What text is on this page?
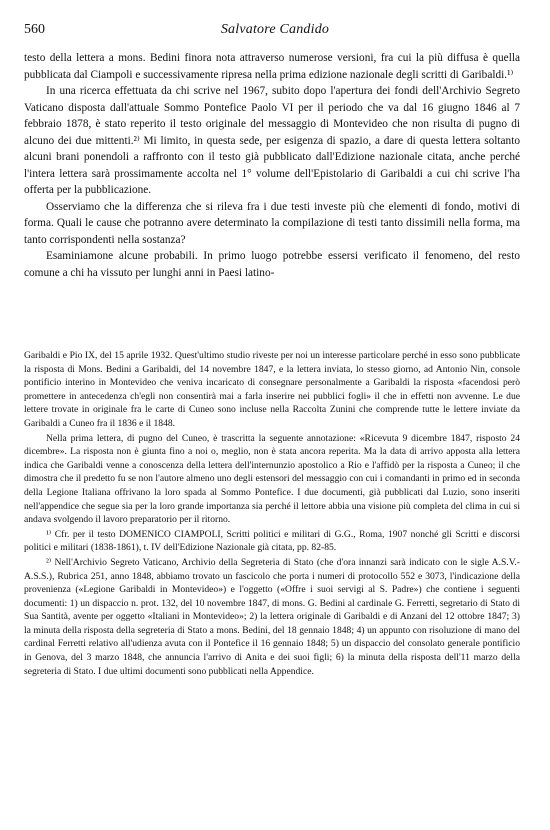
560	Salvatore Candido

testo della lettera a mons. Bedini finora nota attraverso numerose versioni, fra cui la più diffusa è quella pubblicata dal Ciampoli e successivamente ripresa nella prima edizione nazionale degli scritti di Garibaldi.¹⁾

In una ricerca effettuata da chi scrive nel 1967, subito dopo l'apertura dei fondi dell'Archivio Segreto Vaticano disposta dall'attuale Sommo Pontefice Paolo VI per il periodo che va dal 16 giugno 1846 al 7 febbraio 1878, è stato reperito il testo originale del messaggio di Montevideo che non risulta di pugno di alcuno dei due mittenti.²⁾ Mi limito, in questa sede, per esigenza di spazio, a dare di questa lettera soltanto alcuni brani ponendoli a raffronto con il testo già pubblicato dall'Edizione nazionale citata, anche perché l'intera lettera sarà prossimamente accolta nel 1° volume dell'Epistolario di Garibaldi a cui chi scrive l'ha offerta per la pubblicazione.

Osserviamo che la differenza che si rileva fra i due testi investe più che elementi di fondo, motivi di forma. Quali le cause che potranno avere determinato la compilazione di testi tanto dissimili nella forma, ma tanto corrispondenti nella sostanza?

Esaminiamone alcune probabili. In primo luogo potrebbe essersi verificato il fenomeno, del resto comune a chi ha vissuto per lunghi anni in Paesi latino-

Garibaldi e Pio IX, del 15 aprile 1932. Quest'ultimo studio riveste per noi un interesse particolare perché in esso sono pubblicate la risposta di Mons. Bedini a Garibaldi, del 14 novembre 1847, e la lettera inviata, lo stesso giorno, ad Antonio Nin, console pontificio interino in Montevideo che veniva incaricato di consegnare personalmente a Garibaldi la risposta «facendosi però promettere in antecedenza ch'egli non consentirà mai a farla inserire nei pubblici fogli» il che in effetti non avvenne. Le due lettere trovate in originale fra le carte di Cuneo sono incluse nella Raccolta Zunini che comprende tutte le lettere inviate da Garibaldi a Cuneo fra il 1836 e il 1848.

Nella prima lettera, di pugno del Cuneo, è trascritta la seguente annotazione: «Ricevuta 9 dicembre 1847, risposto 24 dicembre». La risposta non è giunta fino a noi o, meglio, non è stata ancora reperita. Ma la data di arrivo apposta alla lettera indica che Garibaldi venne a conoscenza della lettera dell'internunzio apostolico a Rio e l'affidò per la risposta a Cuneo; il che dimostra che il predetto fu se non l'autore almeno uno degli estensori del messaggio con cui i comandanti in primo ed in seconda della Legione Italiana offrivano la loro spada al Sommo Pontefice. I due documenti, già pubblicati dal Luzio, sono inseriti nell'appendice che segue sia per la loro grande importanza sia perché il lettore abbia una visione più completa del clima in cui si andava svolgendo il lavoro preparatorio per il ritorno.

¹⁾ Cfr. per il testo DOMENICO CIAMPOLI, Scritti politici e militari di G.G., Roma, 1907 nonché gli Scritti e discorsi politici e militari (1838-1861), t. IV dell'Edizione Nazionale già citata, pp. 82-85.

²⁾ Nell'Archivio Segreto Vaticano, Archivio della Segreteria di Stato (che d'ora innanzi sarà indicato con le sigle A.S.V.-A.S.S.), Rubrica 251, anno 1848, abbiamo trovato un fascicolo che porta i numeri di protocollo 552 e 3073, l'indicazione della provenienza («Legione Garibaldi in Montevideo») e l'oggetto («Offre i suoi servigi al S. Padre») che contiene i seguenti documenti: 1) un dispaccio n. prot. 132, del 10 novembre 1847, di mons. G. Bedini al cardinale G. Ferretti, segretario di Stato di Sua Santità, avente per oggetto «Italiani in Montevideo»; 2) la lettera originale di Garibaldi e di Anzani del 12 ottobre 1847; 3) la minuta della risposta della segreteria di Stato a mons. Bedini, del 18 gennaio 1848; 4) un appunto con risoluzione di mano del cardinal Ferretti relativo all'udienza avuta con il Pontefice il 16 gennaio 1848; 5) un dispaccio del consolato generale pontificio in Genova, del 3 marzo 1848, che annuncia l'arrivo di Anita e dei suoi figli; 6) la minuta della risposta dell'11 marzo della segreteria di Stato. I due ultimi documenti sono pubblicati nella Appendice.
